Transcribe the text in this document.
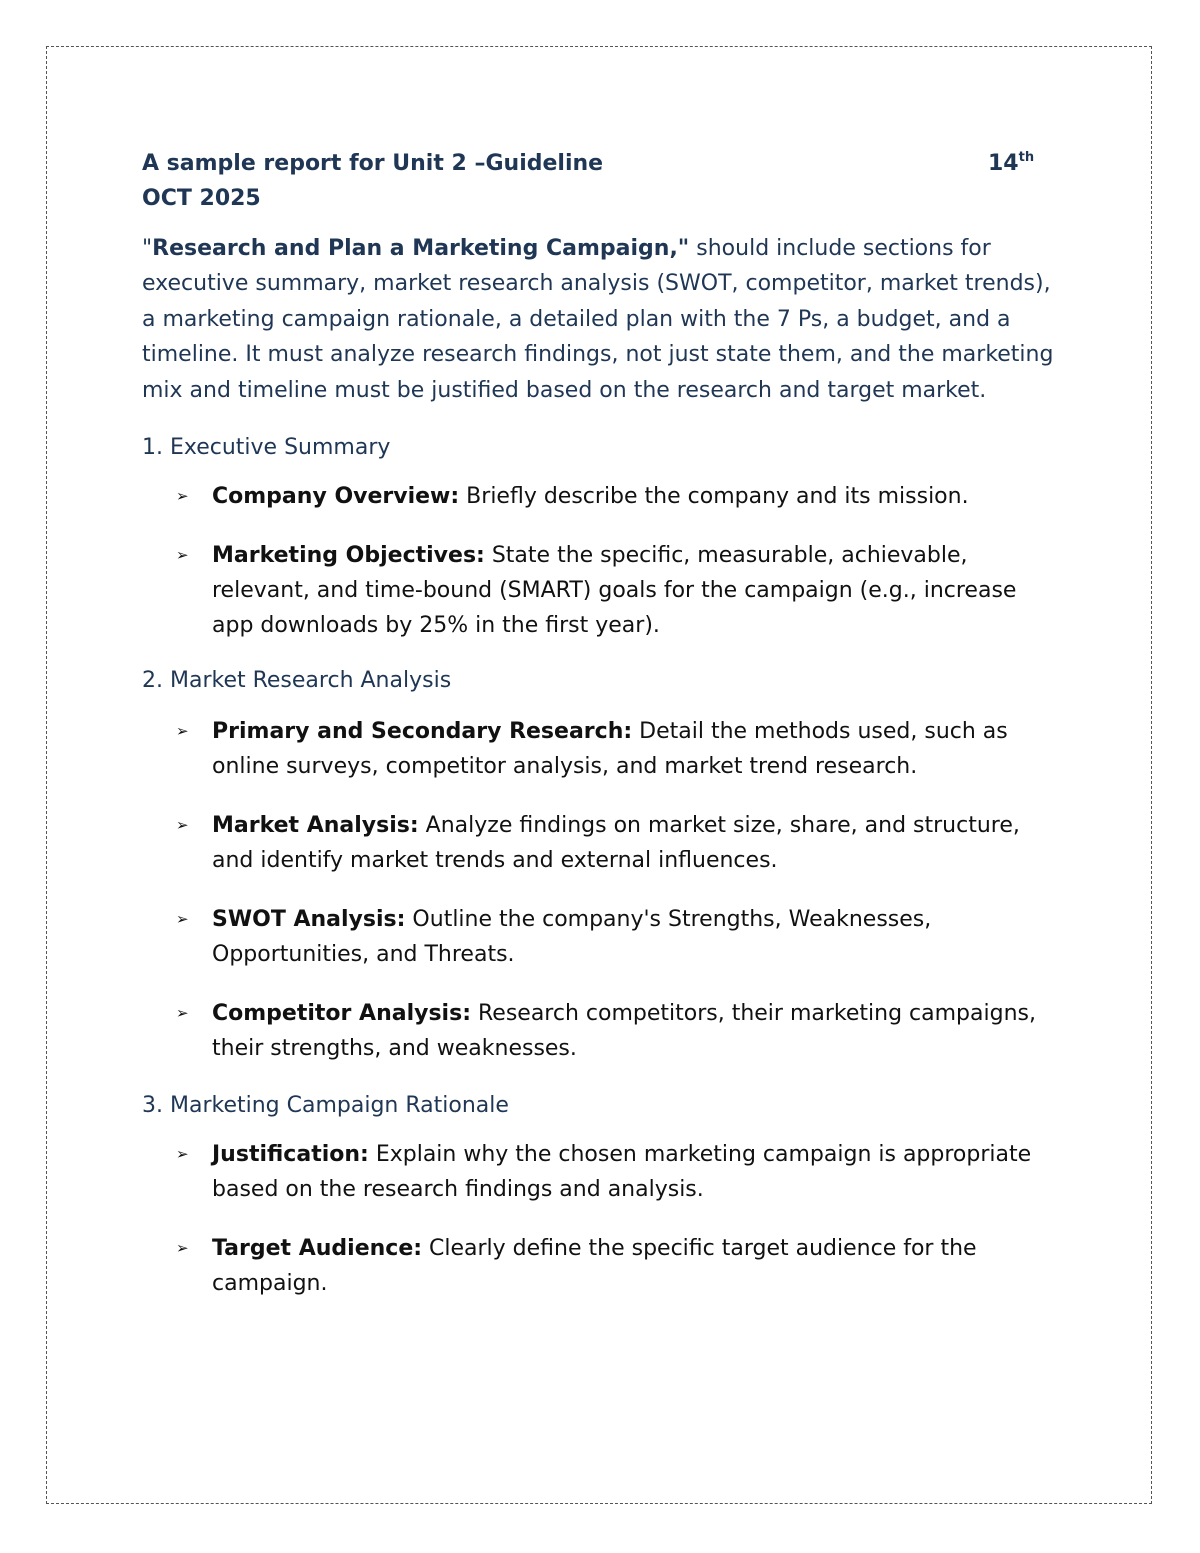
A sample report for Unit 2 –Guideline	14th
OCT 2025

"Research and Plan a Marketing Campaign," should include sections for executive summary, market research analysis (SWOT, competitor, market trends), a marketing campaign rationale, a detailed plan with the 7 Ps, a budget, and a timeline. It must analyze research findings, not just state them, and the marketing mix and timeline must be justified based on the research and target market.

1. Executive Summary
➢ Company Overview: Briefly describe the company and its mission.
➢ Marketing Objectives: State the specific, measurable, achievable, relevant, and time-bound (SMART) goals for the campaign (e.g., increase app downloads by 25% in the first year).
2. Market Research Analysis
➢ Primary and Secondary Research: Detail the methods used, such as online surveys, competitor analysis, and market trend research.
➢ Market Analysis: Analyze findings on market size, share, and structure, and identify market trends and external influences.
➢ SWOT Analysis: Outline the company's Strengths, Weaknesses, Opportunities, and Threats.
➢ Competitor Analysis: Research competitors, their marketing campaigns, their strengths, and weaknesses.
3. Marketing Campaign Rationale
➢ Justification: Explain why the chosen marketing campaign is appropriate based on the research findings and analysis.
➢ Target Audience: Clearly define the specific target audience for the campaign.
